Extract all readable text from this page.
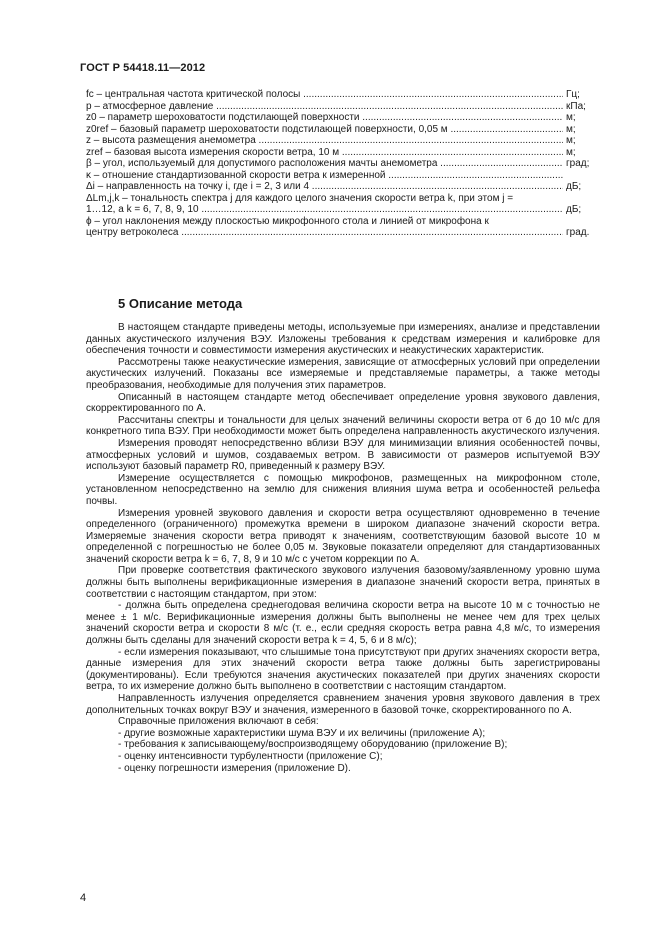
ГОСТ Р 54418.11—2012
fc – центральная частота критической полосы .....	Гц;
p – атмосферное давление .....	кПа;
z0 – параметр шероховатости подстилающей поверхности .....	м;
z0ref – базовый параметр шероховатости подстилающей поверхности, 0,05 м .....	м;
z – высота размещения анемометра .....	м;
zref – базовая высота измерения скорости ветра, 10 м .....	м;
β – угол, используемый для допустимого расположения мачты анемометра .....	град;
κ – отношение стандартизованной скорости ветра к измеренной .....
Δi – направленность на точку i, где i = 2, 3 или 4 .....	дБ;
ΔLm,j,k – тональность спектра j для каждого целого значения скорости ветра k, при этом j =
1…12, а k = 6, 7, 8, 9, 10 .....	дБ;
ϕ – угол наклонения между плоскостью микрофонного стола и линией от микрофона к
центру ветроколеса .....	град.
5 Описание метода

В настоящем стандарте приведены методы, используемые при измерениях, анализе и представлении данных акустического излучения ВЭУ. Изложены требования к средствам измерения и калибровке для обеспечения точности и совместимости измерения акустических и неакустических характеристик.

Рассмотрены также неакустические измерения, зависящие от атмосферных условий при определении акустических излучений. Показаны все измеряемые и представляемые параметры, а также методы преобразования, необходимые для получения этих параметров.

Описанный в настоящем стандарте метод обеспечивает определение уровня звукового давления, скорректированного по А.

Рассчитаны спектры и тональности для целых значений величины скорости ветра от 6 до 10 м/с для конкретного типа ВЭУ. При необходимости может быть определена направленность акустического излучения.

Измерения проводят непосредственно вблизи ВЭУ для минимизации влияния особенностей почвы, атмосферных условий и шумов, создаваемых ветром. В зависимости от размеров испытуемой ВЭУ используют базовый параметр R0, приведенный к размеру ВЭУ.

Измерение осуществляется с помощью микрофонов, размещенных на микрофонном столе, установленном непосредственно на землю для снижения влияния шума ветра и особенностей рельефа почвы.

Измерения уровней звукового давления и скорости ветра осуществляют одновременно в течение определенного (ограниченного) промежутка времени в широком диапазоне значений скорости ветра. Измеряемые значения скорости ветра приводят к значениям, соответствующим базовой высоте 10 м определенной с погрешностью не более 0,05 м. Звуковые показатели определяют для стандартизованных значений скорости ветра k = 6, 7, 8, 9 и 10 м/с с учетом коррекции по А.

При проверке соответствия фактического звукового излучения базовому/заявленному уровню шума должны быть выполнены верификационные измерения в диапазоне значений скорости ветра, принятых в соответствии с настоящим стандартом, при этом:

- должна быть определена среднегодовая величина скорости ветра на высоте 10 м с точностью не менее ± 1 м/с. Верификационные измерения должны быть выполнены не менее чем для трех целых значений скорости ветра и скорости 8 м/с (т. е., если средняя скорость ветра равна 4,8 м/с, то измерения должны быть сделаны для значений скорости ветра k = 4, 5, 6 и 8 м/с);

- если измерения показывают, что слышимые тона присутствуют при других значениях скорости ветра, данные измерения для этих значений скорости ветра также должны быть зарегистрированы (документированы). Если требуются значения акустических показателей при других значениях скорости ветра, то их измерение должно быть выполнено в соответствии с настоящим стандартом.

Направленность излучения определяется сравнением значения уровня звукового давления в трех дополнительных точках вокруг ВЭУ и значения, измеренного в базовой точке, скорректированного по А.

Справочные приложения включают в себя:

- другие возможные характеристики шума ВЭУ и их величины (приложение А);

- требования к записывающему/воспроизводящему оборудованию (приложение В);

- оценку интенсивности турбулентности (приложение С);

- оценку погрешности измерения (приложение D).

4
